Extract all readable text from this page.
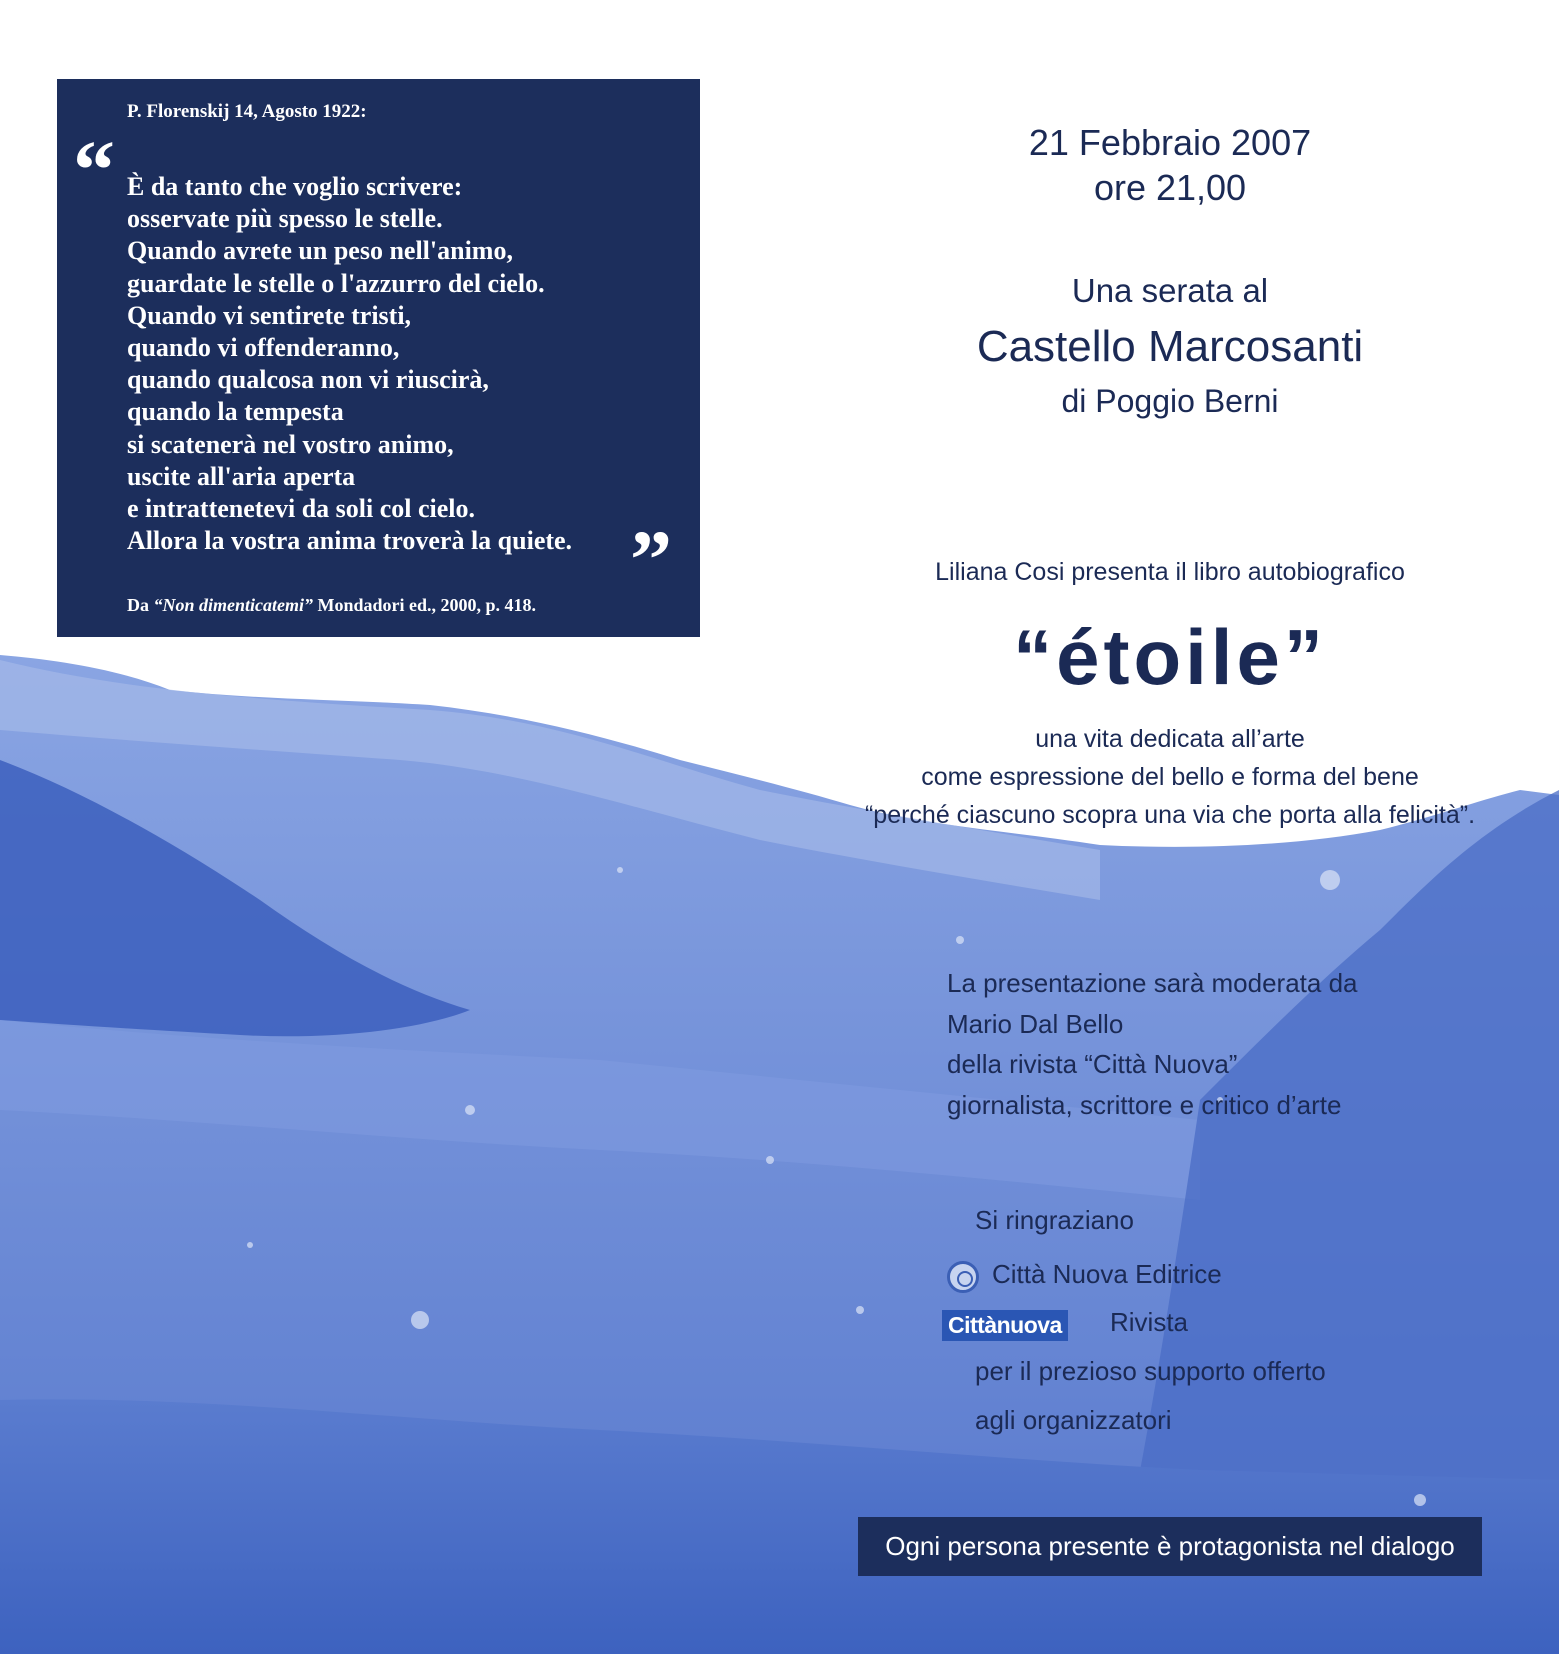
P. Florenskij 14, Agosto 1922:
“ È da tanto che voglio scrivere:
osservate più spesso le stelle.
Quando avrete un peso nell'animo,
guardate le stelle o l'azzurro del cielo.
Quando vi sentirete tristi,
quando vi offenderanno,
quando qualcosa non vi riuscirà,
quando la tempesta
si scatenerà nel vostro animo,
uscite all'aria aperta
e intrattenetevi da soli col cielo.
Allora la vostra anima troverà la quiete. ”
Da “Non dimenticatemi” Mondadori ed., 2000, p. 418.
21 Febbraio 2007
ore 21,00
Una serata al
Castello Marcosanti
di Poggio Berni
Liliana Cosi presenta il libro autobiografico
“étoile”
una vita dedicata all’arte
come espressione del bello e forma del bene
“perché ciascuno scopra una via che porta alla felicità”.
La presentazione sarà moderata da
Mario Dal Bello
della rivista “Città Nuova”
giornalista, scrittore e critico d’arte
Si ringraziano
Città Nuova Editrice
Cittànuova Rivista
per il prezioso supporto offerto
agli organizzatori
Ogni persona presente è protagonista nel dialogo
